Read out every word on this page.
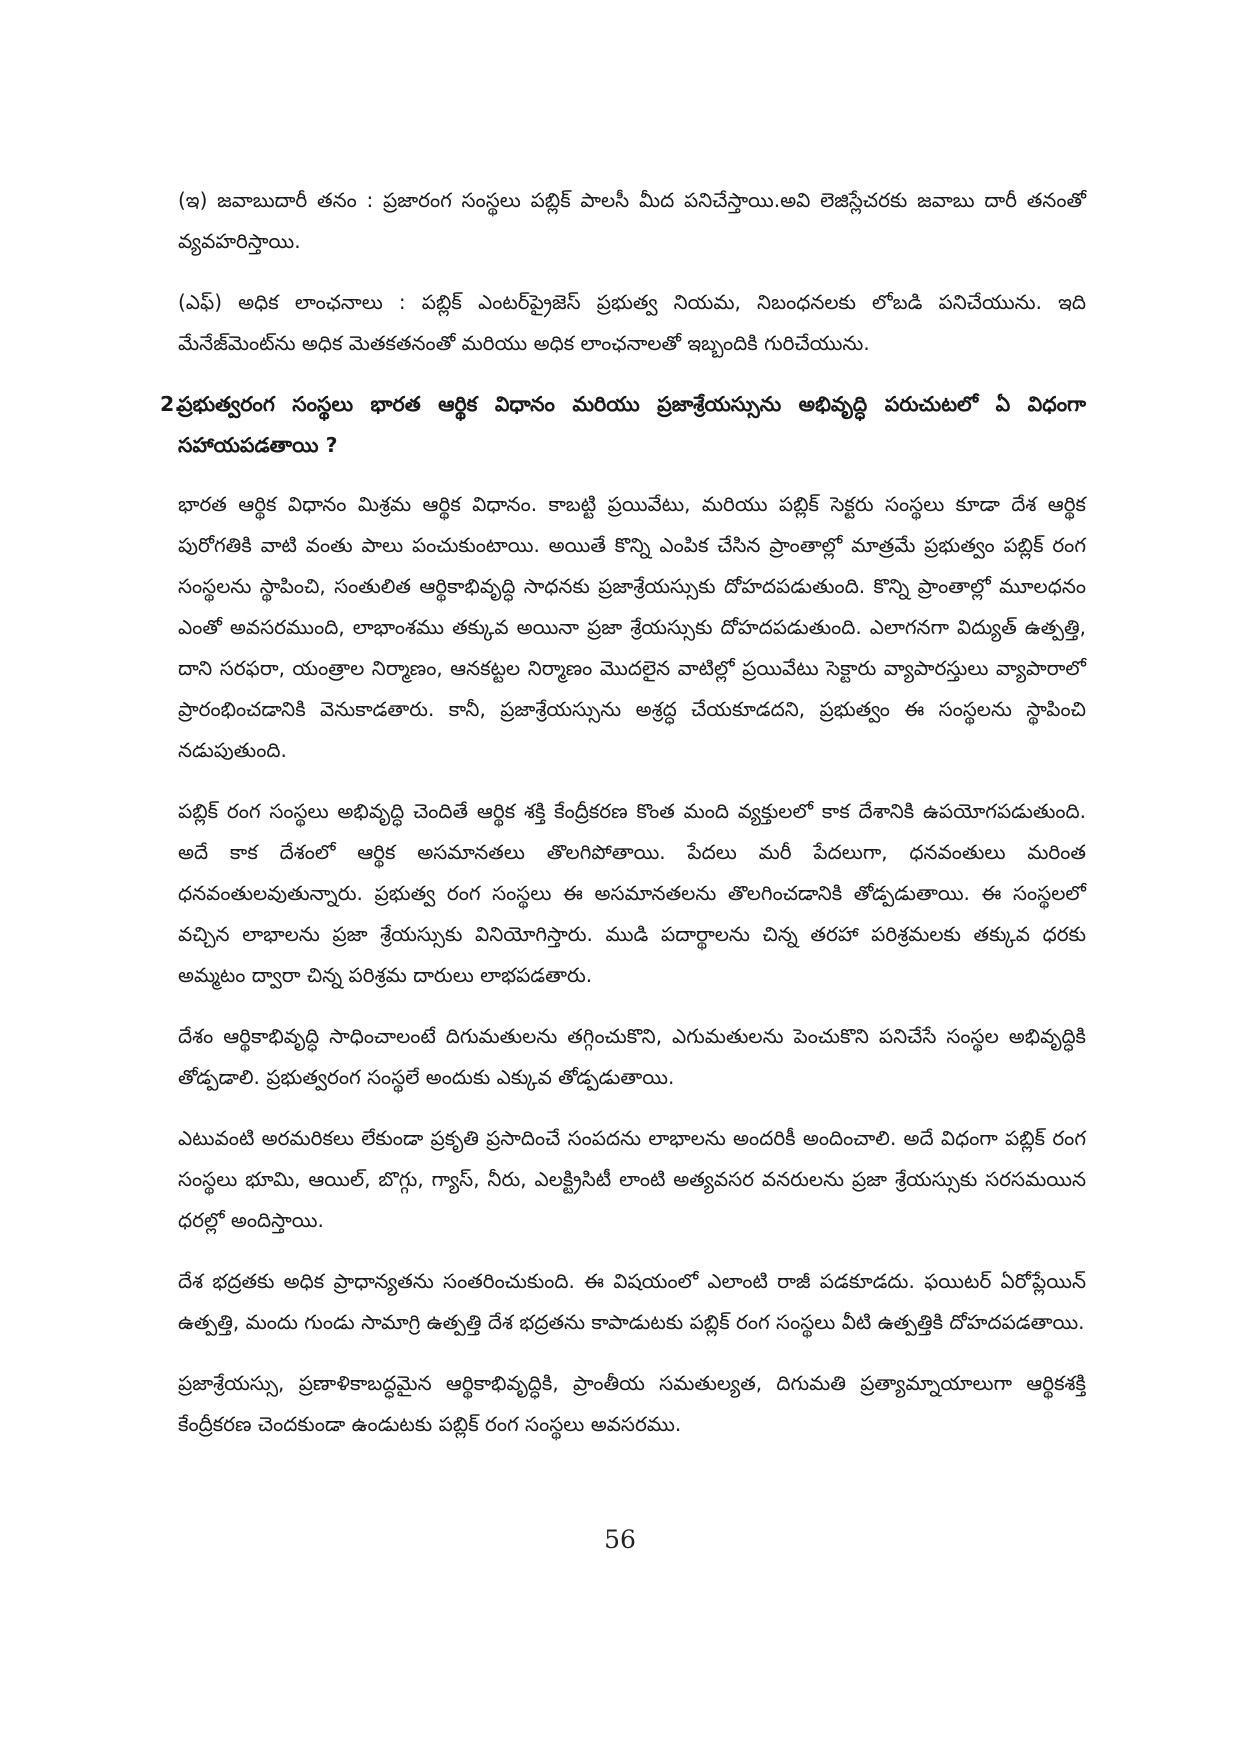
(ఇ) జవాబుదారీ తనం : ప్రజారంగ సంస్థలు పబ్లిక్ పాలసీ మీద పనిచేస్తాయి.అవి లెజిస్లేచరకు జవాబు దారీ తనంతో వ్యవహరిస్తాయి.

(ఎఫ్) అధిక లాంఛనాలు : పబ్లిక్ ఎంటర్‌ప్రైజెస్ ప్రభుత్వ నియమ, నిబంధనలకు లోబడి పనిచేయును. ఇది మేనేజ్‌మెంట్‌ను అధిక మెతకతనంతో మరియు అధిక లాంఛనాలతో ఇబ్బందికి గురిచేయును.

2.
ప్రభుత్వరంగ సంస్థలు భారత ఆర్థిక విధానం మరియు ప్రజాశ్రేయస్సును అభివృద్ధి పరుచుటలో ఏ విధంగా సహాయపడతాయి ?

భారత ఆర్థిక విధానం మిశ్రమ ఆర్థిక విధానం. కాబట్టి ప్రయివేటు, మరియు పబ్లిక్ సెక్టరు సంస్థలు కూడా దేశ ఆర్థిక పురోగతికి వాటి వంతు పాలు పంచుకుంటాయి. అయితే కొన్ని ఎంపిక చేసిన ప్రాంతాల్లో మాత్రమే ప్రభుత్వం పబ్లిక్ రంగ సంస్థలను స్థాపించి, సంతులిత ఆర్థికాభివృద్ధి సాధనకు ప్రజాశ్రేయస్సుకు దోహదపడుతుంది. కొన్ని ప్రాంతాల్లో మూలధనం ఎంతో అవసరముంది, లాభాంశము తక్కువ అయినా ప్రజా శ్రేయస్సుకు దోహదపడుతుంది. ఎలాగనగా విద్యుత్ ఉత్పత్తి, దాని సరఫరా, యంత్రాల నిర్మాణం, ఆనకట్టల నిర్మాణం మొదలైన వాటిల్లో ప్రయివేటు సెక్టారు వ్యాపారస్తులు వ్యాపారాలో ప్రారంభించడానికి వెనుకాడతారు. కానీ, ప్రజాశ్రేయస్సును అశ్రద్ధ చేయకూడదని, ప్రభుత్వం ఈ సంస్థలను స్థాపించి నడుపుతుంది.

పబ్లిక్ రంగ సంస్థలు అభివృద్ధి చెందితే ఆర్థిక శక్తి కేంద్రీకరణ కొంత మంది వ్యక్తులలో కాక దేశానికి ఉపయోగపడుతుంది. అదే కాక దేశంలో ఆర్థిక అసమానతలు తొలగిపోతాయి. పేదలు మరీ పేదలుగా, ధనవంతులు మరింత ధనవంతులవుతున్నారు. ప్రభుత్వ రంగ సంస్థలు ఈ అసమానతలను తొలగించడానికి తోడ్పడుతాయి. ఈ సంస్థలలో వచ్చిన లాభాలను ప్రజా శ్రేయస్సుకు వినియోగిస్తారు. ముడి పదార్థాలను చిన్న తరహా పరిశ్రమలకు తక్కువ ధరకు అమ్మటం ద్వారా చిన్న పరిశ్రమ దారులు లాభపడతారు.

దేశం ఆర్థికాభివృద్ధి సాధించాలంటే దిగుమతులను తగ్గించుకొని, ఎగుమతులను పెంచుకొని పనిచేసే సంస్థల అభివృద్ధికి తోడ్పడాలి. ప్రభుత్వరంగ సంస్థలే అందుకు ఎక్కువ తోడ్పడుతాయి.

ఎటువంటి అరమరికలు లేకుండా ప్రకృతి ప్రసాదించే సంపదను లాభాలను అందరికీ అందించాలి. అదే విధంగా పబ్లిక్ రంగ సంస్థలు భూమి, ఆయిల్, బొగ్గు, గ్యాస్, నీరు, ఎలక్ట్రిసిటీ లాంటి అత్యవసర వనరులను ప్రజా శ్రేయస్సుకు సరసమయిన ధరల్లో అందిస్తాయి.

దేశ భద్రతకు అధిక ప్రాధాన్యతను సంతరించుకుంది. ఈ విషయంలో ఎలాంటి రాజీ పడకూడదు. ఫయిటర్ ఏరోప్లేయిన్ ఉత్పత్తి, మందు గుండు సామాగ్రి ఉత్పత్తి దేశ భద్రతను కాపాడుటకు పబ్లిక్ రంగ సంస్థలు వీటి ఉత్పత్తికి దోహదపడతాయి.

ప్రజాశ్రేయస్సు, ప్రణాళికాబద్ధమైన ఆర్థికాభివృద్ధికి, ప్రాంతీయ సమతుల్యత, దిగుమతి ప్రత్యామ్నాయాలుగా ఆర్థికశక్తి కేంద్రీకరణ చెందకుండా ఉండుటకు పబ్లిక్ రంగ సంస్థలు అవసరము.

56
